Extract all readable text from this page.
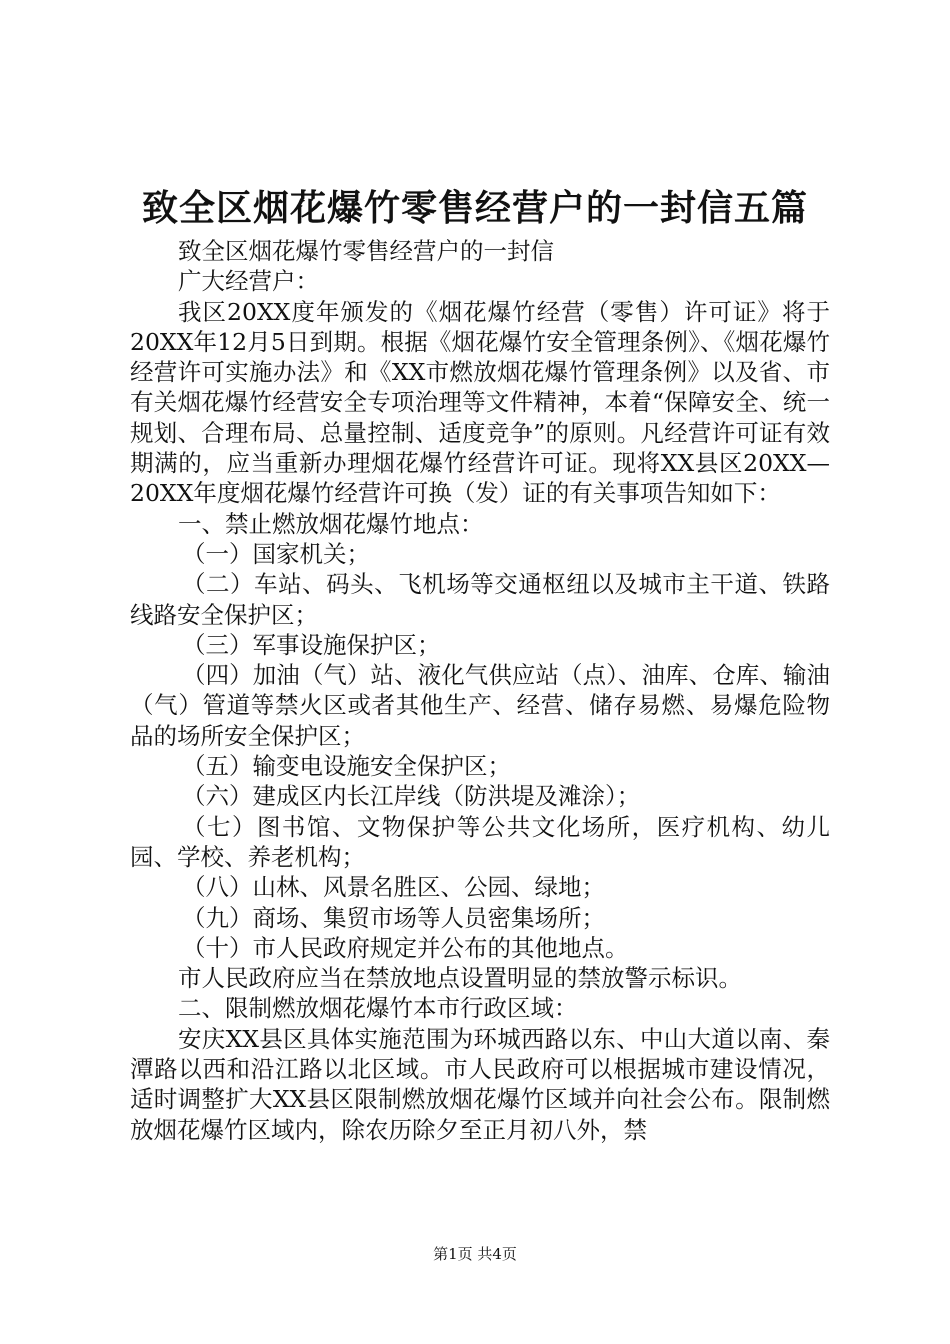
致全区烟花爆竹零售经营户的一封信五篇

致全区烟花爆竹零售经营户的一封信

广大经营户：

我区20XX度年颁发的《烟花爆竹经营（零售）许可证》将于20XX年12月5日到期。根据《烟花爆竹安全管理条例》、《烟花爆竹经营许可实施办法》和《XX市燃放烟花爆竹管理条例》以及省、市有关烟花爆竹经营安全专项治理等文件精神，本着“保障安全、统一规划、合理布局、总量控制、适度竞争”的原则。凡经营许可证有效期满的，应当重新办理烟花爆竹经营许可证。现将XX县区20XX—20XX年度烟花爆竹经营许可换（发）证的有关事项告知如下：

一、禁止燃放烟花爆竹地点：

（一）国家机关；

（二）车站、码头、飞机场等交通枢纽以及城市主干道、铁路线路安全保护区；

（三）军事设施保护区；

（四）加油（气）站、液化气供应站（点）、油库、仓库、输油（气）管道等禁火区或者其他生产、经营、储存易燃、易爆危险物品的场所安全保护区；

（五）输变电设施安全保护区；

（六）建成区内长江岸线（防洪堤及滩涂）；

（七）图书馆、文物保护等公共文化场所，医疗机构、幼儿园、学校、养老机构；

（八）山林、风景名胜区、公园、绿地；

（九）商场、集贸市场等人员密集场所；

（十）市人民政府规定并公布的其他地点。

市人民政府应当在禁放地点设置明显的禁放警示标识。

二、限制燃放烟花爆竹本市行政区域：

安庆XX县区具体实施范围为环城西路以东、中山大道以南、秦潭路以西和沿江路以北区域。市人民政府可以根据城市建设情况，适时调整扩大XX县区限制燃放烟花爆竹区域并向社会公布。限制燃放烟花爆竹区域内，除农历除夕至正月初八外，禁

第1页 共4页
